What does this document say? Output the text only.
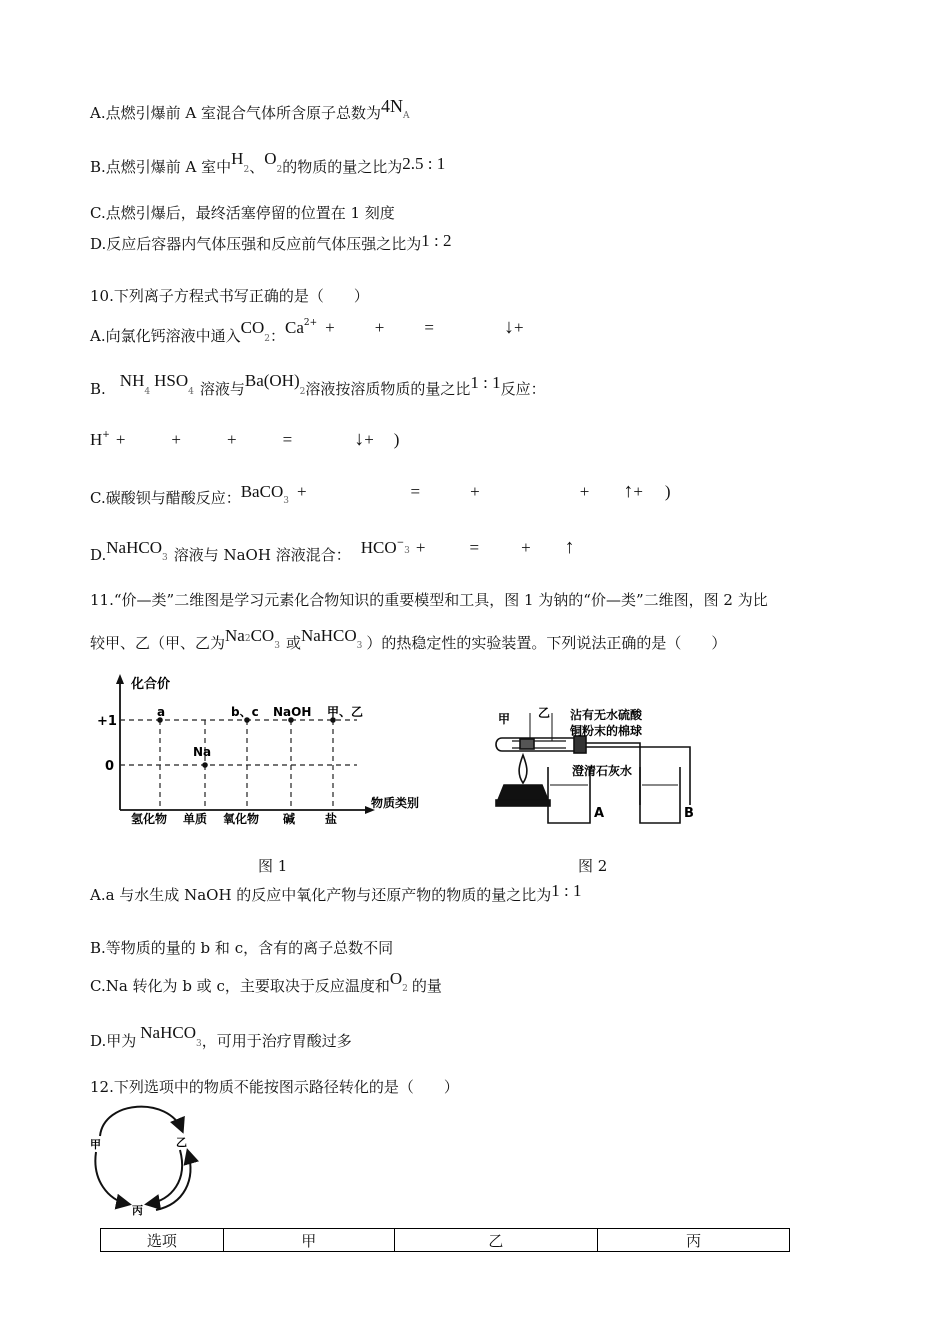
A.点燃引爆前 A 室混合气体所含原子总数为4NA
B.点燃引爆前 A 室中H2、O2的物质的量之比为2.5 : 1
C.点燃引爆后，最终活塞停留的位置在 1 刻度
D.反应后容器内气体压强和反应前气体压强之比为1 : 2
10.下列离子方程式书写正确的是（　　）
A.向氯化钙溶液中通入CO2：$Ca^{2+}$ + + =	↓+
B. NH4HSO4 溶液与Ba(OH)2溶液按溶质物质的量之比1 : 1反应：
H+ +	+	+	=	↓+ )
C.碳酸钡与醋酸反应：BaCO3 +	=	+	+ ↑+ )
D.NaHCO3 溶液与 NaOH 溶液混合： $HCO^{-3}$ +	= + ↑
11.“价—类”二维图是学习元素化合物知识的重要模型和工具，图 1 为钠的“价—类”二维图，图 2 为比
较甲、乙（甲、乙为Na$^2$CO3 或NaHCO3 ）的热稳定性的实验装置。下列说法正确的是（　　）
化合价
物质类别
+1
0
氢化物 单质 氧化物 碱 盐
a	b、c NaOH 甲、乙
Na
图 1
甲 乙 沾有无水硫酸
铜粉末的棉球
澄清石灰水
A	B
图 2
A.a 与水生成 NaOH 的反应中氧化产物与还原产物的物质的量之比为1 : 1
B.等物质的量的 b 和 c，含有的离子总数不同
C.Na 转化为 b 或 c，主要取决于反应温度和O2 的量
D.甲为 NaHCO3，可用于治疗胃酸过多
12.下列选项中的物质不能按图示路径转化的是（　　）
甲	乙
丙
选项	甲	乙	丙
